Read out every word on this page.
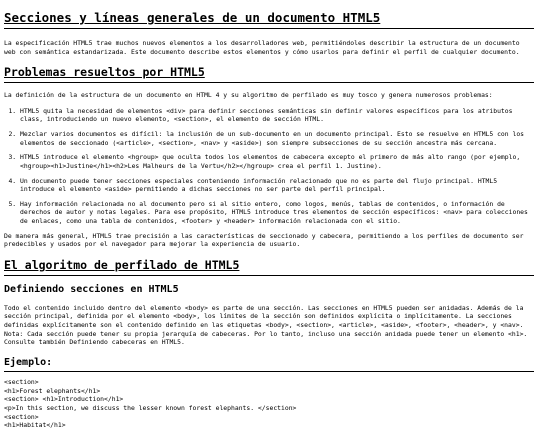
Secciones y líneas generales de un documento HTML5

La especificación HTML5 trae muchos nuevos elementos a los desarrolladores web, permitiéndoles describir la estructura de un documento web con semántica estandarizada. Este documento describe estos elementos y cómo usarlos para definir el perfil de cualquier documento.

Problemas resueltos por HTML5

La definición de la estructura de un documento en HTML 4 y su algoritmo de perfilado es muy tosco y genera numerosos problemas:

1. HTML5 quita la necesidad de elementos <div> para definir secciones semánticas sin definir valores específicos para los atributos class, introduciendo un nuevo elemento, <section>, el elemento de sección HTML.
2. Mezclar varios documentos es difícil: la inclusión de un sub-documento en un documento principal. Esto se resuelve en HTML5 con los elementos de seccionado (<article>, <section>, <nav> y <aside>) son siempre subsecciones de su sección ancestra más cercana.
3. HTML5 introduce el elemento <hgroup> que oculta todos los elementos de cabecera excepto el primero de más alto rango (por ejemplo, <hgroup><h1>Justine</h1><h2>Les Malheurs de la Vertu</h2></hgroup> crea el perfil 1. Justine).
4. Un documento puede tener secciones especiales conteniendo información relacionado que no es parte del flujo principal. HTML5 introduce el elemento <aside> permitiendo a dichas secciones no ser parte del perfil principal.
5. Hay información relacionada no al documento pero si al sitio entero, como logos, menús, tablas de contenidos, o información de derechos de autor y notas legales. Para ese propósito, HTML5 introduce tres elementos de sección específicos: <nav> para colecciones de enlaces, como una tabla de contenidos, <footer> y <header> información relacionada con el sitio.

De manera más general, HTML5 trae precisión a las características de seccionado y cabecera, permitiendo a los perfiles de documento ser predecibles y usados por el navegador para mejorar la experiencia de usuario.

El algoritmo de perfilado de HTML5
Definiendo secciones en HTML5

Todo el contenido incluido dentro del elemento <body> es parte de una sección. Las secciones en HTML5 pueden ser anidadas. Además de la sección principal, definida por el elemento <body>, los límites de la sección son definidos explícita o implícitamente. La secciones definidas explícitamente son el contenido definido en las etiquetas <body>, <section>, <article>, <aside>, <footer>, <header>, y <nav>. Nota: Cada sección puede tener su propia jerarquía de cabeceras. Por lo tanto, incluso una sección anidada puede tener un elemento <h1>. Consulte también Definiendo cabeceras en HTML5.

Ejemplo:
<section>
<h1>Forest elephants</h1>
<section> <h1>Introduction</h1>
<p>In this section, we discuss the lesser known forest elephants. </section>
<section>
<h1>Habitat</h1>
